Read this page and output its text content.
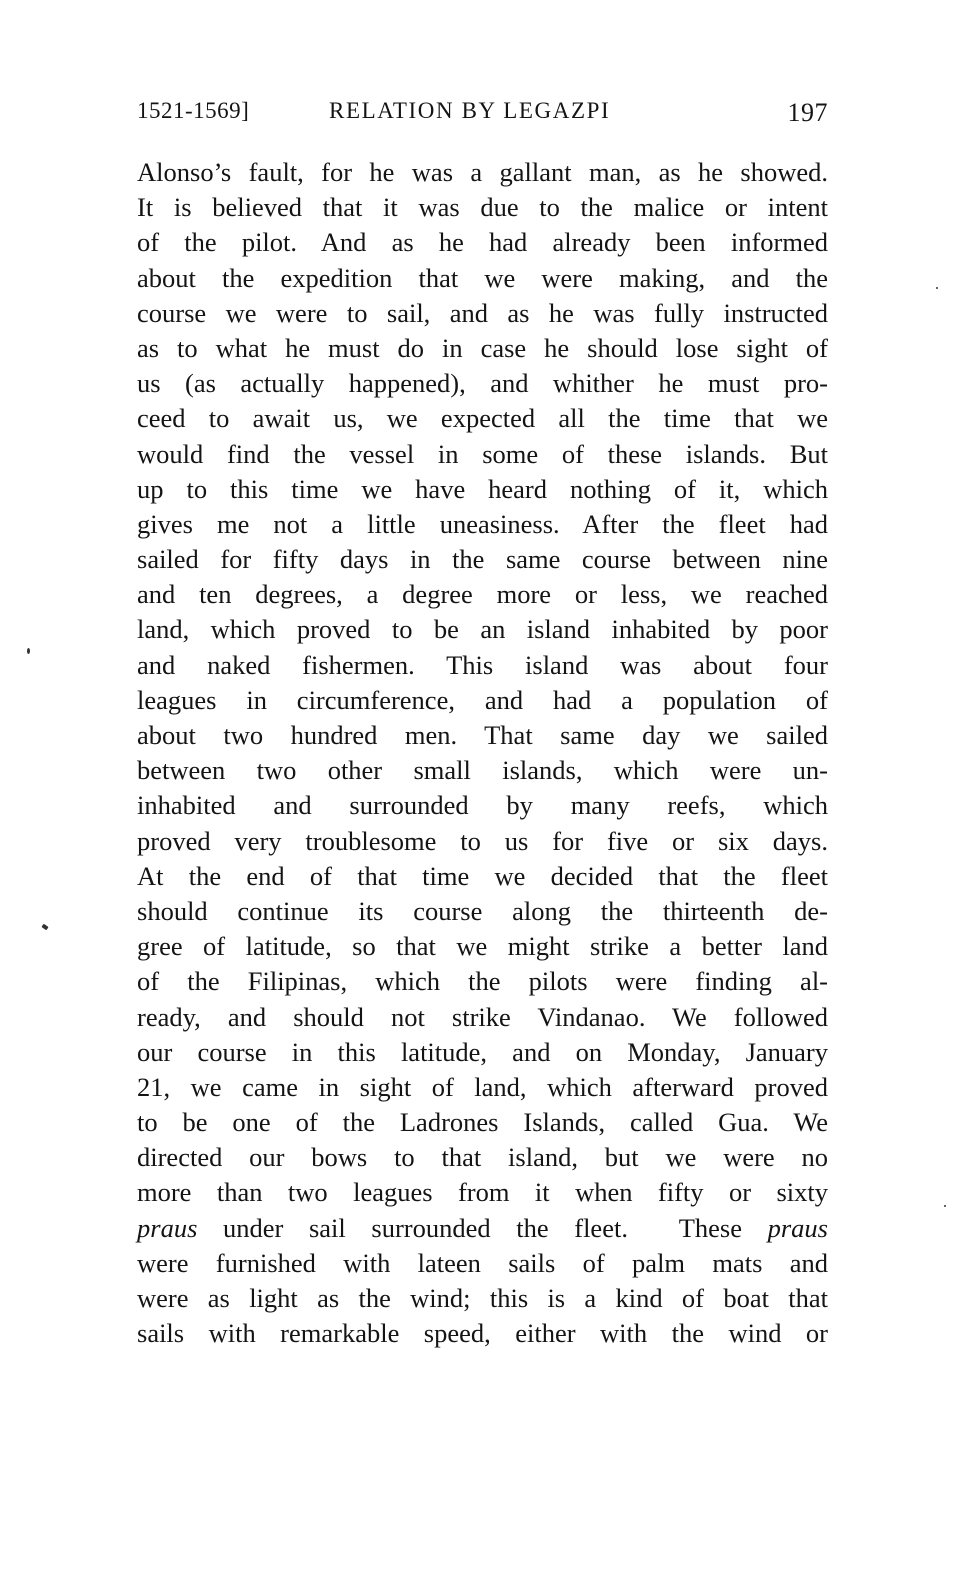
1521-1569]	RELATION BY LEGAZPI	197
Alonso’s fault, for he was a gallant man, as he showed.
It is believed that it was due to the malice or intent
of the pilot. And as he had already been informed
about the expedition that we were making, and the
course we were to sail, and as he was fully instructed
as to what he must do in case he should lose sight of
us (as actually happened), and whither he must pro-
ceed to await us, we expected all the time that we
would find the vessel in some of these islands. But
up to this time we have heard nothing of it, which
gives me not a little uneasiness. After the fleet had
sailed for fifty days in the same course between nine
and ten degrees, a degree more or less, we reached
land, which proved to be an island inhabited by poor
and naked fishermen. This island was about four
leagues in circumference, and had a population of
about two hundred men. That same day we sailed
between two other small islands, which were un-
inhabited and surrounded by many reefs, which
proved very troublesome to us for five or six days.
At the end of that time we decided that the fleet
should continue its course along the thirteenth de-
gree of latitude, so that we might strike a better land
of the Filipinas, which the pilots were finding al-
ready, and should not strike Vindanao. We followed
our course in this latitude, and on Monday, January
21, we came in sight of land, which afterward proved
to be one of the Ladrones Islands, called Gua. We
directed our bows to that island, but we were no
more than two leagues from it when fifty or sixty
praus under sail surrounded the fleet.  These praus
were furnished with lateen sails of palm mats and
were as light as the wind; this is a kind of boat that
sails with remarkable speed, either with the wind or
